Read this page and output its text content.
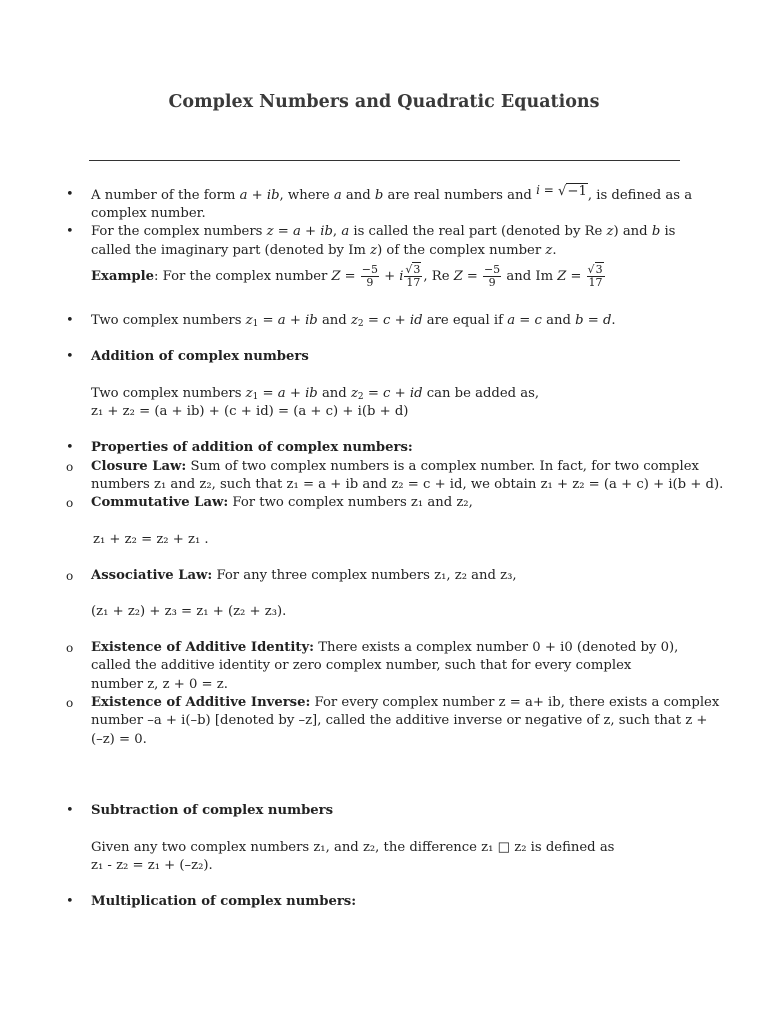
Complex Numbers and Quadratic Equations
• A number of the form a + ib, where a and b are real numbers and i = √−1, is defined as a
complex number.
• For the complex numbers z = a + ib, a is called the real part (denoted by Re z) and b is
called the imaginary part (denoted by Im z) of the complex number z.
Example: For the complex number $Z = \frac{-5}{9} + i \frac{√3}{17}$ , Re $Z = \frac{-5}{9}$ and Im $Z = \frac{√3}{17}$
• Two complex numbers $z_1 = a$ + ib and $z_2 = c$ + id are equal if a = c and b = d.
• Addition of complex numbers
Two complex numbers $z_1 = a$ + ib and $z_2 = c$ + id can be added as,
z₁ + z₂ = (a + ib) + (c + id) = (a + c) + i(b + d)
• Properties of addition of complex numbers:
o Closure Law: Sum of two complex numbers is a complex number. In fact, for two complex
numbers z₁ and z₂, such that z₁ = a + ib and z₂ = c + id, we obtain z₁ + z₂ = (a + c) + i(b + d).
o Commutative Law: For two complex numbers z₁ and z₂,
z₁ + z₂ = z₂ + z₁ .
o Associative Law: For any three complex numbers z₁, z₂ and z₃,
(z₁ + z₂) + z₃ = z₁ + (z₂ + z₃).
o Existence of Additive Identity: There exists a complex number 0 + i0 (denoted by 0),
called the additive identity or zero complex number, such that for every complex
number z, z + 0 = z.
o Existence of Additive Inverse: For every complex number z = a+ ib, there exists a complex
number –a + i(–b) [denoted by –z], called the additive inverse or negative of z, such that z +
(–z) = 0.
• Subtraction of complex numbers
Given any two complex numbers z₁, and z₂, the difference z₁ □ z₂ is defined as
z₁ - z₂ = z₁ + (–z₂).
• Multiplication of complex numbers:
